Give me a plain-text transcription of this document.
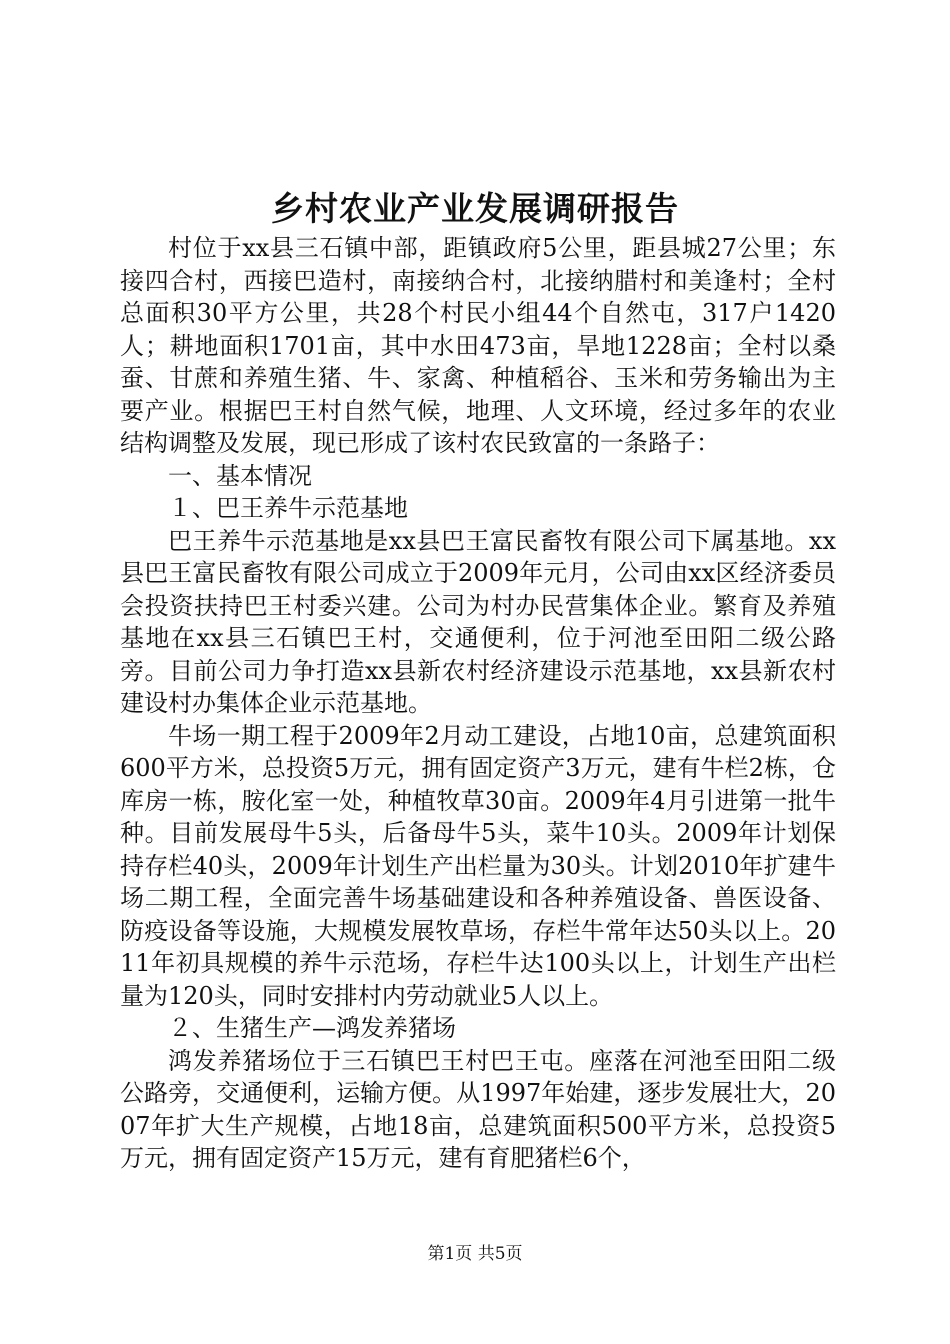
乡村农业产业发展调研报告

村位于xx县三石镇中部，距镇政府5公里，距县城27公里；东接四合村，西接巴造村，南接纳合村，北接纳腊村和美逢村；全村总面积30平方公里，共28个村民小组44个自然屯，317户1420人；耕地面积1701亩，其中水田473亩，旱地1228亩；全村以桑蚕、甘蔗和养殖生猪、牛、家禽、种植稻谷、玉米和劳务输出为主要产业。根据巴王村自然气候，地理、人文环境，经过多年的农业结构调整及发展，现已形成了该村农民致富的一条路子：

一、基本情况

１、巴王养牛示范基地

巴王养牛示范基地是xx县巴王富民畜牧有限公司下属基地。xx县巴王富民畜牧有限公司成立于2009年元月，公司由xx区经济委员会投资扶持巴王村委兴建。公司为村办民营集体企业。繁育及养殖基地在xx县三石镇巴王村，交通便利，位于河池至田阳二级公路旁。目前公司力争打造xx县新农村经济建设示范基地，xx县新农村建设村办集体企业示范基地。

牛场一期工程于2009年2月动工建设，占地10亩，总建筑面积600平方米，总投资5万元，拥有固定资产3万元，建有牛栏2栋，仓库房一栋，胺化室一处，种植牧草30亩。2009年4月引进第一批牛种。目前发展母牛5头，后备母牛5头，菜牛10头。2009年计划保持存栏40头，2009年计划生产出栏量为30头。计划2010年扩建牛场二期工程，全面完善牛场基础建设和各种养殖设备、兽医设备、防疫设备等设施，大规模发展牧草场，存栏牛常年达50头以上。2011年初具规模的养牛示范场，存栏牛达100头以上，计划生产出栏量为120头，同时安排村内劳动就业5人以上。

２、生猪生产—鸿发养猪场

鸿发养猪场位于三石镇巴王村巴王屯。座落在河池至田阳二级公路旁，交通便利，运输方便。从1997年始建，逐步发展壮大，2007年扩大生产规模，占地18亩，总建筑面积500平方米，总投资5万元，拥有固定资产15万元，建有育肥猪栏6个，

第1页 共5页
